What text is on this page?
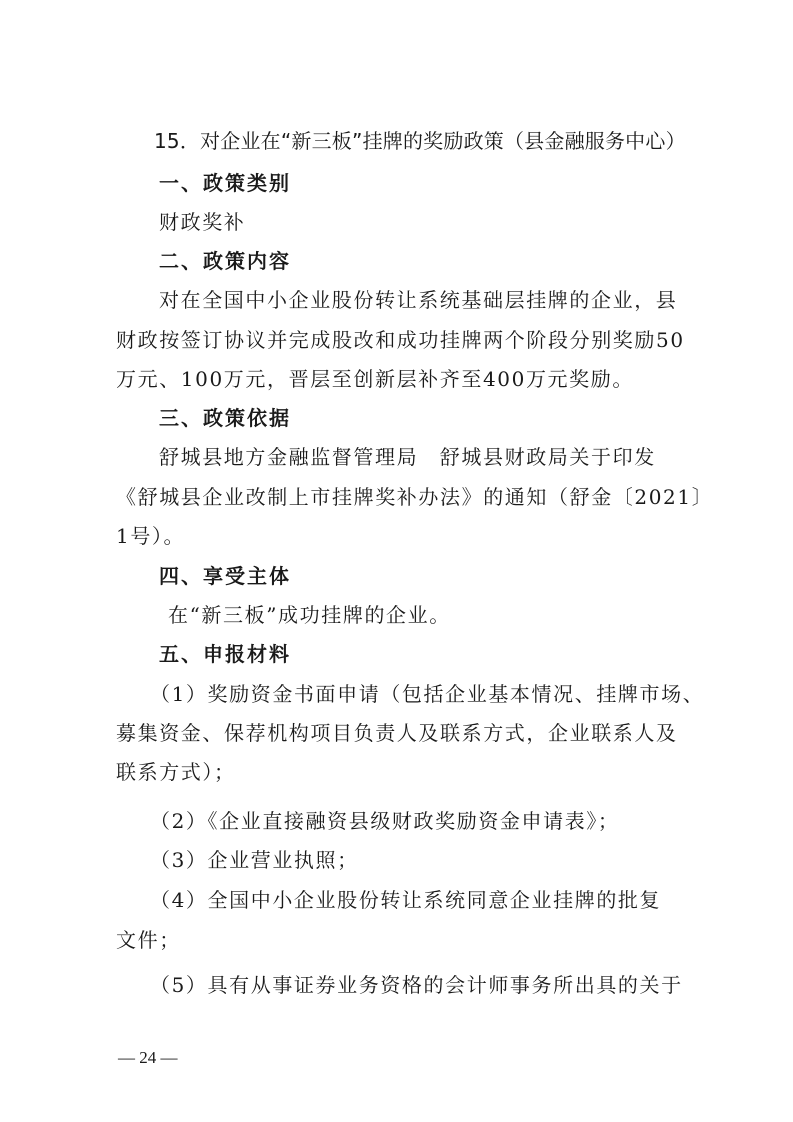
15．对企业在“新三板”挂牌的奖励政策（县金融服务中心）
一、政策类别
财政奖补
二、政策内容
对在全国中小企业股份转让系统基础层挂牌的企业，县
财政按签订协议并完成股改和成功挂牌两个阶段分别奖励50
万元、100万元，晋层至创新层补齐至400万元奖励。
三、政策依据
舒城县地方金融监督管理局　舒城县财政局关于印发
《舒城县企业改制上市挂牌奖补办法》的通知（舒金〔2021〕
1号）。
四、享受主体
在“新三板”成功挂牌的企业。
五、申报材料
（1）奖励资金书面申请（包括企业基本情况、挂牌市场、
募集资金、保荐机构项目负责人及联系方式，企业联系人及
联系方式）；
（2）《企业直接融资县级财政奖励资金申请表》；
（3）企业营业执照；
（4）全国中小企业股份转让系统同意企业挂牌的批复
文件；
（5）具有从事证券业务资格的会计师事务所出具的关于
— 24 —
